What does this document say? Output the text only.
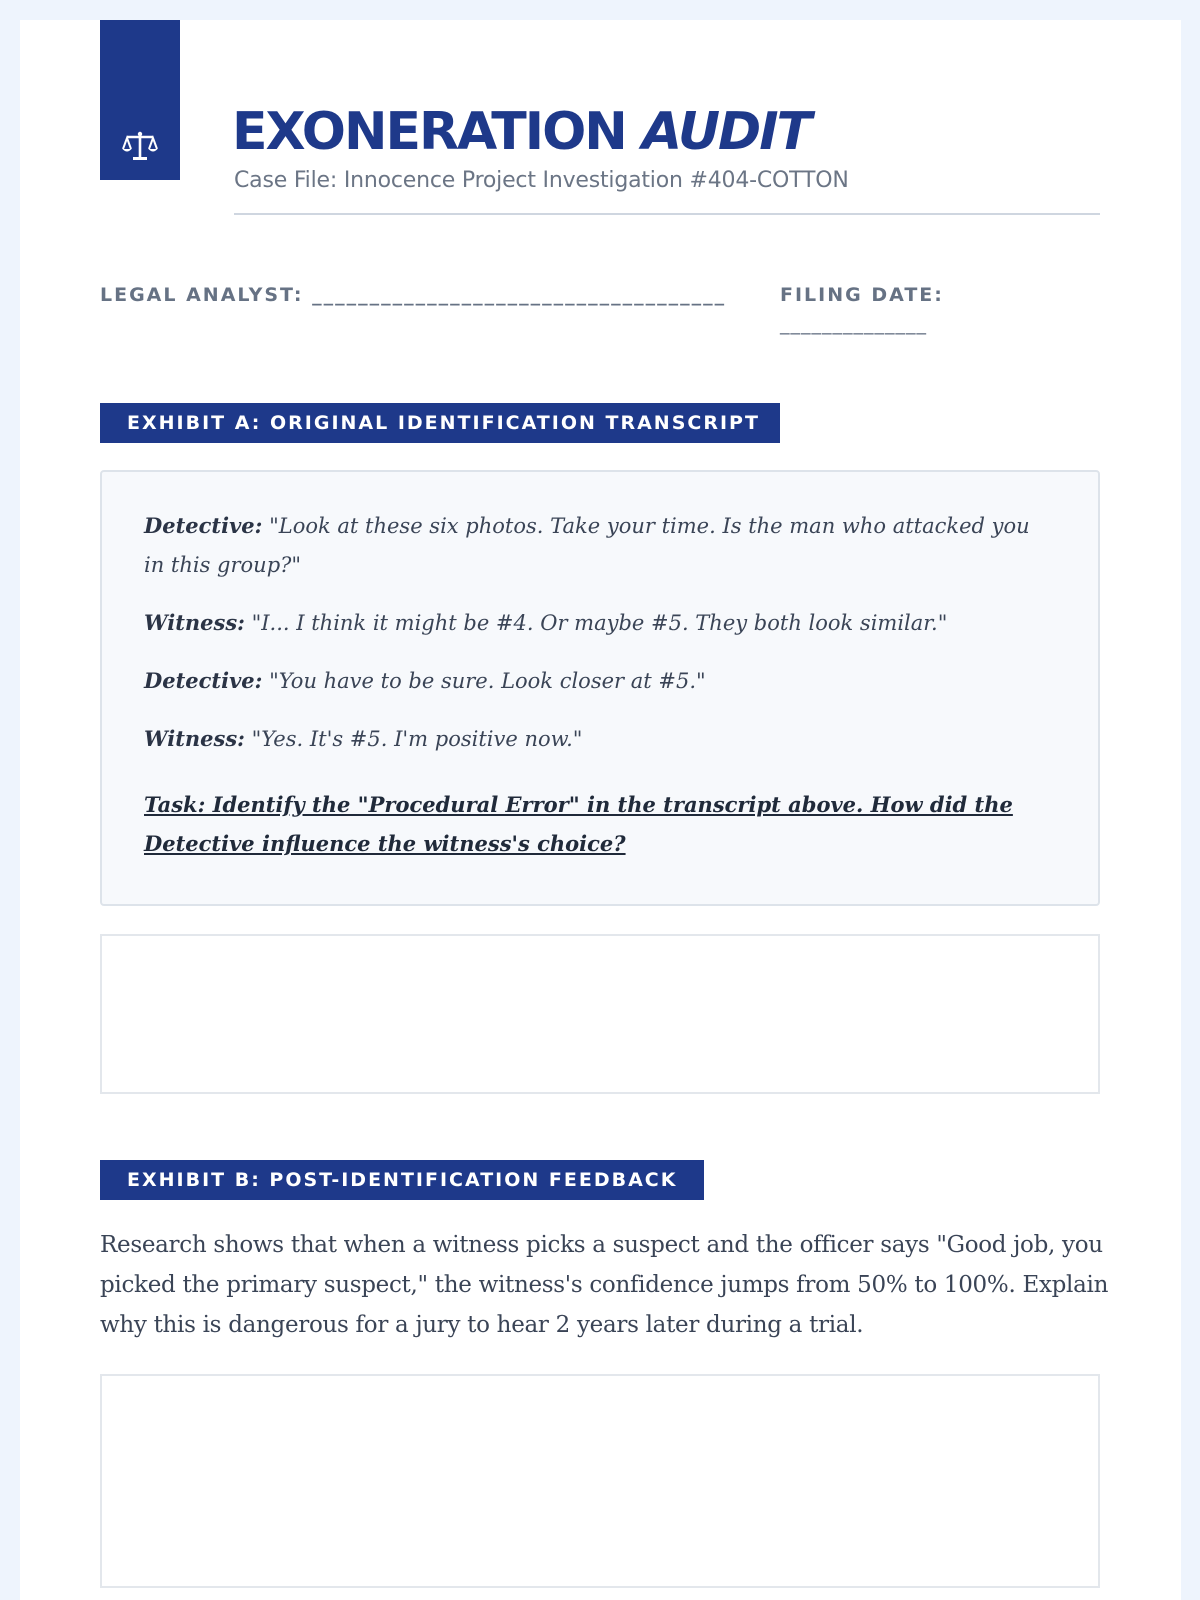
EXONERATION AUDIT
Case File: Innocence Project Investigation #404-COTTON
LEGAL ANALYST: ____________________________________	FILING DATE:
______________
EXHIBIT A: ORIGINAL IDENTIFICATION TRANSCRIPT

Detective: "Look at these six photos. Take your time. Is the man who attacked you in this group?"

Witness: "I... I think it might be #4. Or maybe #5. They both look similar."

Detective: "You have to be sure. Look closer at #5."

Witness: "Yes. It's #5. I'm positive now."

Task: Identify the "Procedural Error" in the transcript above. How did the Detective influence the witness's choice?

EXHIBIT B: POST-IDENTIFICATION FEEDBACK

Research shows that when a witness picks a suspect and the officer says "Good job, you picked the primary suspect," the witness's confidence jumps from 50% to 100%. Explain why this is dangerous for a jury to hear 2 years later during a trial.
